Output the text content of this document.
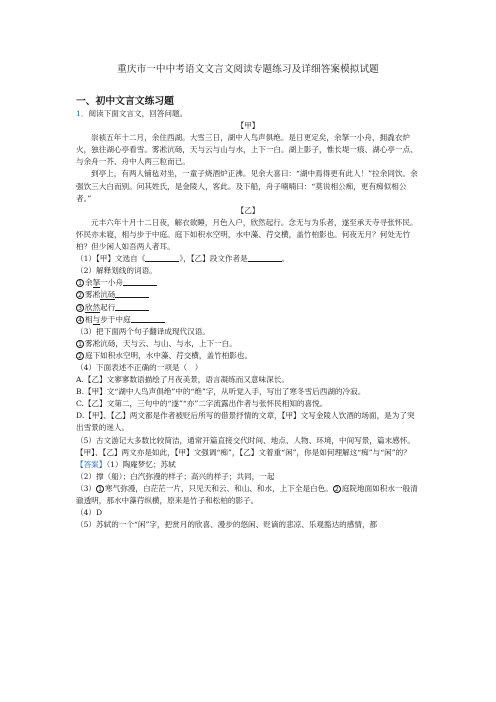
重庆市一中中考语文文言文阅读专题练习及详细答案模拟试题
一、初中文言文练习题

1．阅读下面文言文，回答问题。

【甲】

崇祯五年十二月，余住西湖。大雪三日，湖中人鸟声俱绝。是日更定矣，余拏一小舟，拥毳衣炉火，独往湖心亭看雪。雾凇沆砀，天与云与山与水，上下一白。湖上影子，惟长堤一痕、湖心亭一点、与余舟一芥、舟中人两三粒而已。

到亭上，有两人铺毡对坐，一童子烧酒炉正沸。见余大喜曰：“湖中焉得更有此人！”拉余同饮。余强饮三大白而别。问其姓氏，是金陵人，客此。及下船，舟子喃喃曰：“莫说相公痴，更有痴似相公者。”

【乙】

元丰六年十月十二日夜，解衣欲睡，月色入户，欣然起行。念无与为乐者，遂至承天寺寻张怀民。怀民亦未寝，相与步于中庭。庭下如积水空明，水中藻、荇交横，盖竹柏影也。何夜无月？何处无竹柏？但少闲人如吾两人者耳。

（1）【甲】文选自《	》，【乙】段文作者是	。

（2）解释划线的词语。

1 余拏一小舟

2 雾凇沆砀

3 欣然起行

4 相与步于中庭

（3）把下面两个句子翻译成现代汉语。

1 雾凇沆砀，天与云、与山、与水，上下一白。

2 庭下如积水空明，水中藻、荇交横，盖竹柏影也。

（4）下面表述不正确的一项是（　）

A.【乙】文寥寥数语描绘了月夜美景，语言凝练而又意味深长。

B.【甲】文“湖中人鸟声俱绝”中的“绝”字，从听觉入手，写出了寒冬雪后西湖的冷寂。

C.【乙】文第二，三句中的“遂”“亦”二字流露出作者与张怀民相知的喜悦。

D.【甲】、【乙】两文都是作者被贬后所写的借景抒情的文章，【甲】文写金陵人饮酒的场面，是为了突出雪景的迷人。

（5）古文游记大多数比较简洁，通常开篇直接交代时间、地点、人物、环境，中间写景，篇末感怀。【甲】、【乙】两文亦是如此，【甲】文强调“痴”，【乙】文着重“闲”，你是如何理解这“痴”与“闲”的？

【答案】（1）陶庵梦忆；苏轼

（2）撑（船）；白汽弥漫的样子；高兴的样子；共同，一起

（3） 1 寒气弥漫，白茫茫一片，只见天和云、和山、和水，上下全是白色。 2 庭院地面如积水一般清澈透明，那水中藻荇纵横，原来是竹子和松柏的影子。

（4）D

（5）苏轼的一个“闲”字，把赏月的欣喜、漫步的悠闲、贬谪的悲凉、乐观豁达的感情，都
